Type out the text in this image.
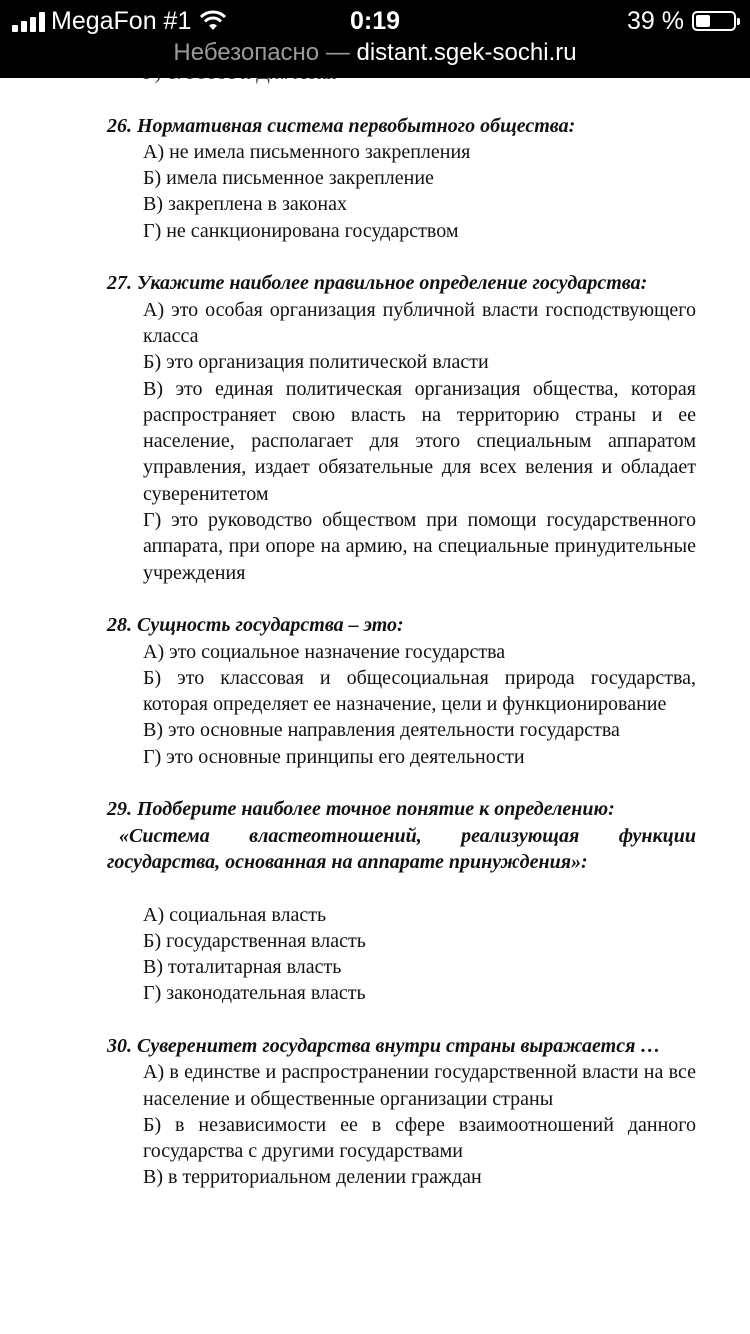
MegaFon #1	0:19	39 %
Небезопасно — distant.sgek-sochi.ru
26. Нормативная система первобытного общества:
А) не имела письменного закрепления
Б) имела письменное закрепление
В) закреплена в законах
Г) не санкционирована государством
27. Укажите наиболее правильное определение государства:
А) это особая организация публичной власти господствующего класса
Б) это организация политической власти
В) это единая политическая организация общества, которая распространяет свою власть на территорию страны и ее население, располагает для этого специальным аппаратом управления, издает обязательные для всех веления и обладает суверенитетом
Г) это руководство обществом при помощи государственного аппарата, при опоре на армию, на специальные принудительные учреждения
28. Сущность государства – это:
А) это социальное назначение государства
Б) это классовая и общесоциальная природа государства, которая определяет ее назначение, цели и функционирование
В) это основные направления деятельности государства
Г) это основные принципы его деятельности
29. Подберите наиболее точное понятие к определению:
«Система властеотношений, реализующая функции государства, основанная на аппарате принуждения»:
А) социальная власть
Б) государственная власть
В) тоталитарная власть
Г) законодательная власть
30. Суверенитет государства внутри страны выражается …
А) в единстве и распространении государственной власти на все население и общественные организации страны
Б) в независимости ее в сфере взаимоотношений данного государства с другими государствами
В) в территориальном делении граждан
